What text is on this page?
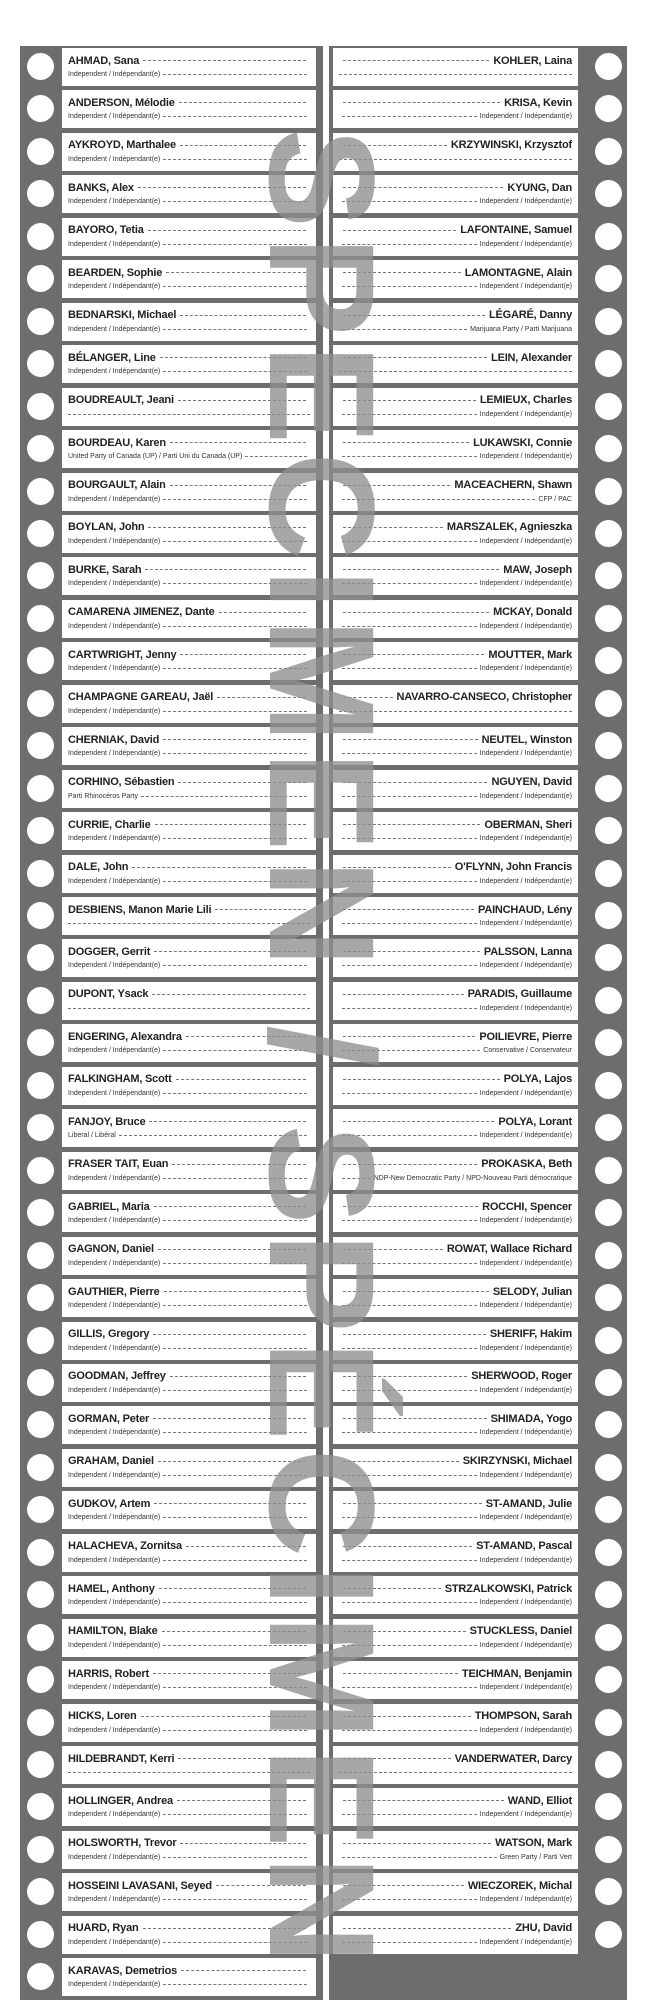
AHMAD, Sana
Independent / Indépendant(e)
ANDERSON, Mélodie
Independent / Indépendant(e)
AYKROYD, Marthalee
Independent / Indépendant(e)
BANKS, Alex
Independent / Indépendant(e)
BAYORO, Tetia
Independent / Indépendant(e)
BEARDEN, Sophie
Independent / Indépendant(e)
BEDNARSKI, Michael
Independent / Indépendant(e)
BÉLANGER, Line
Independent / Indépendant(e)
BOUDREAULT, Jeani
BOURDEAU, Karen
United Party of Canada (UP) / Parti Uni du Canada (UP)
BOURGAULT, Alain
Independent / Indépendant(e)
BOYLAN, John
Independent / Indépendant(e)
BURKE, Sarah
Independent / Indépendant(e)
CAMARENA JIMENEZ, Dante
Independent / Indépendant(e)
CARTWRIGHT, Jenny
Independent / Indépendant(e)
CHAMPAGNE GAREAU, Jaël
Independent / Indépendant(e)
CHERNIAK, David
Independent / Indépendant(e)
CORHINO, Sébastien
Parti Rhinocéros Party
CURRIE, Charlie
Independent / Indépendant(e)
DALE, John
Independent / Indépendant(e)
DESBIENS, Manon Marie Lili
DOGGER, Gerrit
Independent / Indépendant(e)
DUPONT, Ysack
ENGERING, Alexandra
Independent / Indépendant(e)
FALKINGHAM, Scott
Independent / Indépendant(e)
FANJOY, Bruce
Liberal / Libéral
FRASER TAIT, Euan
Independent / Indépendant(e)
GABRIEL, Maria
Independent / Indépendant(e)
GAGNON, Daniel
Independent / Indépendant(e)
GAUTHIER, Pierre
Independent / Indépendant(e)
GILLIS, Gregory
Independent / Indépendant(e)
GOODMAN, Jeffrey
Independent / Indépendant(e)
GORMAN, Peter
Independent / Indépendant(e)
GRAHAM, Daniel
Independent / Indépendant(e)
GUDKOV, Artem
Independent / Indépendant(e)
HALACHEVA, Zornitsa
Independent / Indépendant(e)
HAMEL, Anthony
Independent / Indépendant(e)
HAMILTON, Blake
Independent / Indépendant(e)
HARRIS, Robert
Independent / Indépendant(e)
HICKS, Loren
Independent / Indépendant(e)
HILDEBRANDT, Kerri
HOLLINGER, Andrea
Independent / Indépendant(e)
HOLSWORTH, Trevor
Independent / Indépendant(e)
HOSSEINI LAVASANI, Seyed
Independent / Indépendant(e)
HUARD, Ryan
Independent / Indépendant(e)
KARAVAS, Demetrios
Independent / Indépendant(e)
KOHLER, Laina
KRISA, Kevin
Independent / Indépendant(e)
KRZYWINSKI, Krzysztof
KYUNG, Dan
Independent / Indépendant(e)
LAFONTAINE, Samuel
Independent / Indépendant(e)
LAMONTAGNE, Alain
Independent / Indépendant(e)
LÉGARÉ, Danny
Marijuana Party / Parti Marijuana
LEIN, Alexander
LEMIEUX, Charles
Independent / Indépendant(e)
LUKAWSKI, Connie
Independent / Indépendant(e)
MACEACHERN, Shawn
CFP / PAC
MARSZALEK, Agnieszka
Independent / Indépendant(e)
MAW, Joseph
Independent / Indépendant(e)
MCKAY, Donald
Independent / Indépendant(e)
MOUTTER, Mark
Independent / Indépendant(e)
NAVARRO-CANSECO, Christopher
NEUTEL, Winston
Independent / Indépendant(e)
NGUYEN, David
Independent / Indépendant(e)
OBERMAN, Sheri
Independent / Indépendant(e)
O'FLYNN, John Francis
Independent / Indépendant(e)
PAINCHAUD, Lény
Independent / Indépendant(e)
PALSSON, Lanna
Independent / Indépendant(e)
PARADIS, Guillaume
Independent / Indépendant(e)
POILIEVRE, Pierre
Conservative / Conservateur
POLYA, Lajos
Independent / Indépendant(e)
POLYA, Lorant
Independent / Indépendant(e)
PROKASKA, Beth
NDP-New Democratic Party / NPD-Nouveau Parti démocratique
ROCCHI, Spencer
Independent / Indépendant(e)
ROWAT, Wallace Richard
Independent / Indépendant(e)
SELODY, Julian
Independent / Indépendant(e)
SHERIFF, Hakim
Independent / Indépendant(e)
SHERWOOD, Roger
Independent / Indépendant(e)
SHIMADA, Yogo
Independent / Indépendant(e)
SKIRZYNSKI, Michael
Independent / Indépendant(e)
ST-AMAND, Julie
Independent / Indépendant(e)
ST-AMAND, Pascal
Independent / Indépendant(e)
STRZALKOWSKI, Patrick
Independent / Indépendant(e)
STUCKLESS, Daniel
Independent / Indépendant(e)
TEICHMAN, Benjamin
Independent / Indépendant(e)
THOMPSON, Sarah
Independent / Indépendant(e)
VANDERWATER, Darcy
WAND, Elliot
Independent / Indépendant(e)
WATSON, Mark
Green Party / Parti Vert
WIECZOREK, Michal
Independent / Indépendant(e)
ZHU, David
Independent / Indépendant(e)
SPECIMEN / SPÉCIMEN
